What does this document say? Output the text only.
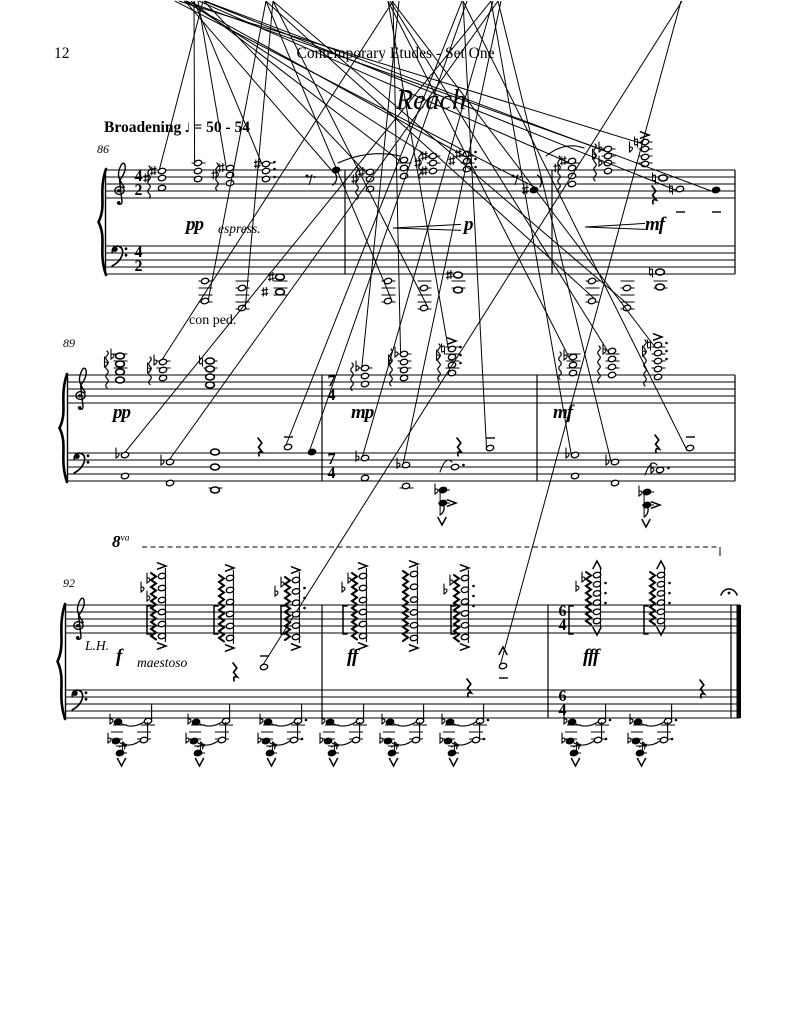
12	Contemporary Études - Set One
Reach
Broadening ♩ = 50 - 54
86
89
92
4
2
4
2
7
4
7
4
6
4
6
4
pp espress.	p	mf
con ped.
pp	mp	mf
$8^{va}$
L.H.
f maestoso	ff	fff
